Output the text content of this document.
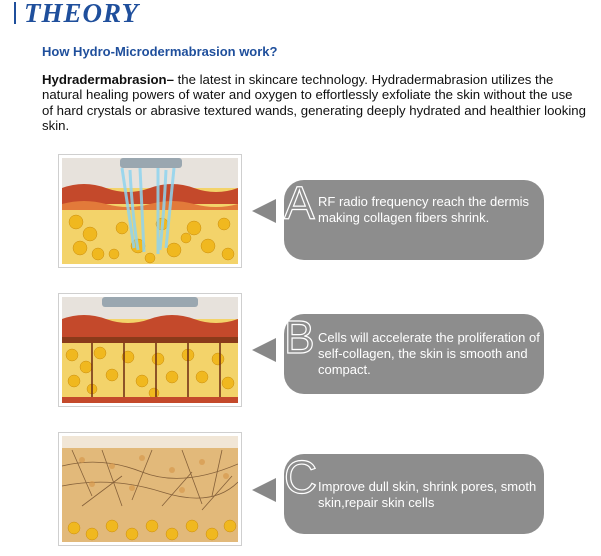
THEORY
How Hydro-Microdermabrasion work?
Hydradermabrasion– the latest in skincare technology. Hydradermabrasion utilizes the natural healing powers of water and oxygen to effortlessly exfoliate the skin without the use of hard crystals or abrasive textured wands, generating deeply hydrated and healthier looking skin.
A RF radio frequency reach the dermis making collagen fibers shrink.
B Cells will accelerate the proliferation of self-collagen, the skin is smooth and compact.
C Improve dull skin, shrink pores, smoth skin,repair skin cells
